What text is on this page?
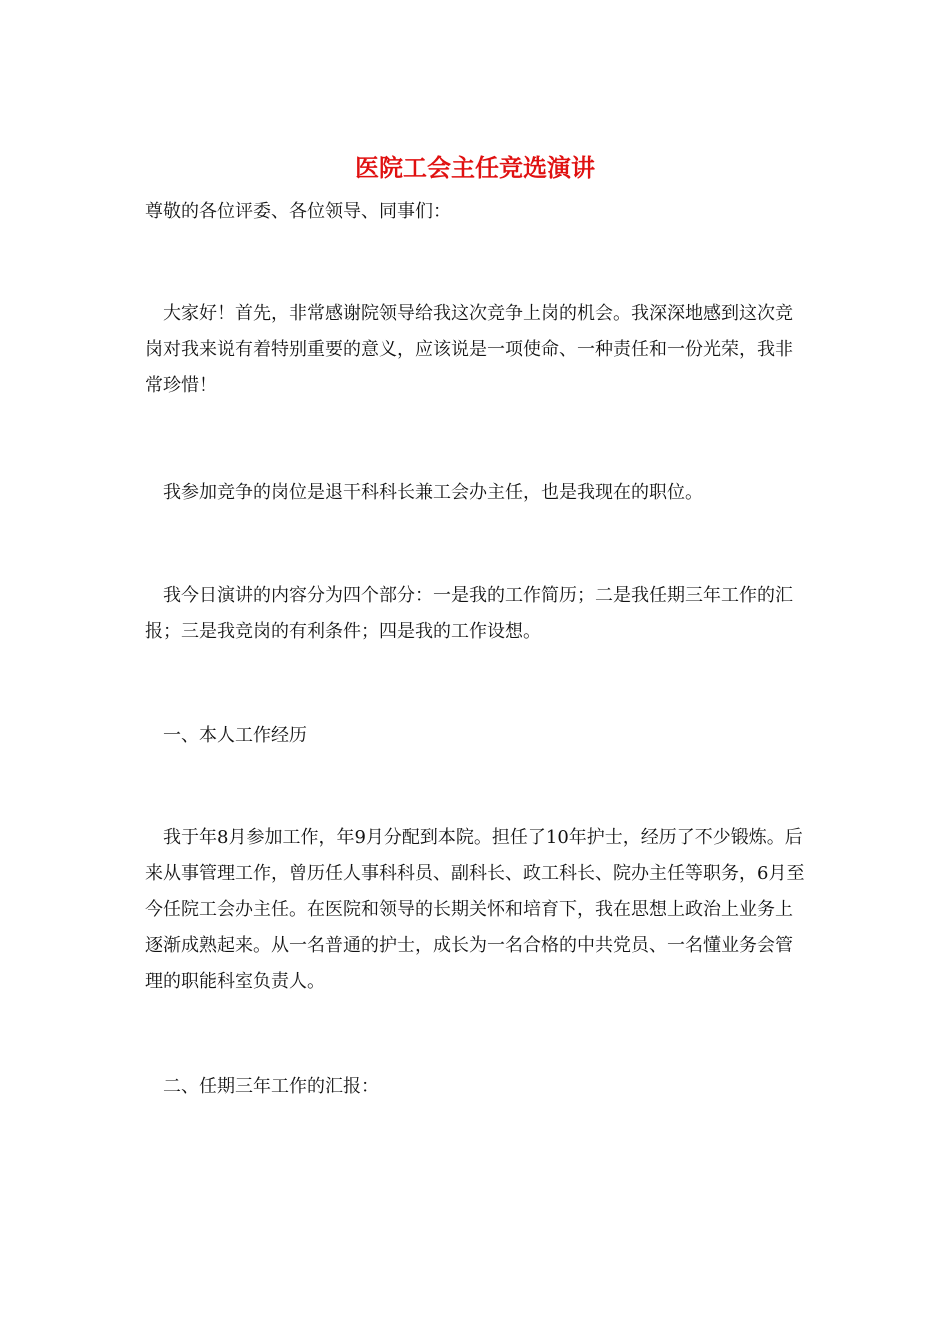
医院工会主任竞选演讲

尊敬的各位评委、各位领导、同事们：

大家好！首先，非常感谢院领导给我这次竞争上岗的机会。我深深地感到这次竞岗对我来说有着特别重要的意义，应该说是一项使命、一种责任和一份光荣，我非常珍惜！

我参加竞争的岗位是退干科科长兼工会办主任，也是我现在的职位。

我今日演讲的内容分为四个部分：一是我的工作简历；二是我任期三年工作的汇报；三是我竞岗的有利条件；四是我的工作设想。

一、本人工作经历

我于年8月参加工作，年9月分配到本院。担任了10年护士，经历了不少锻炼。后来从事管理工作，曾历任人事科科员、副科长、政工科长、院办主任等职务，6月至今任院工会办主任。在医院和领导的长期关怀和培育下，我在思想上政治上业务上逐渐成熟起来。从一名普通的护士，成长为一名合格的中共党员、一名懂业务会管理的职能科室负责人。

二、任期三年工作的汇报：
